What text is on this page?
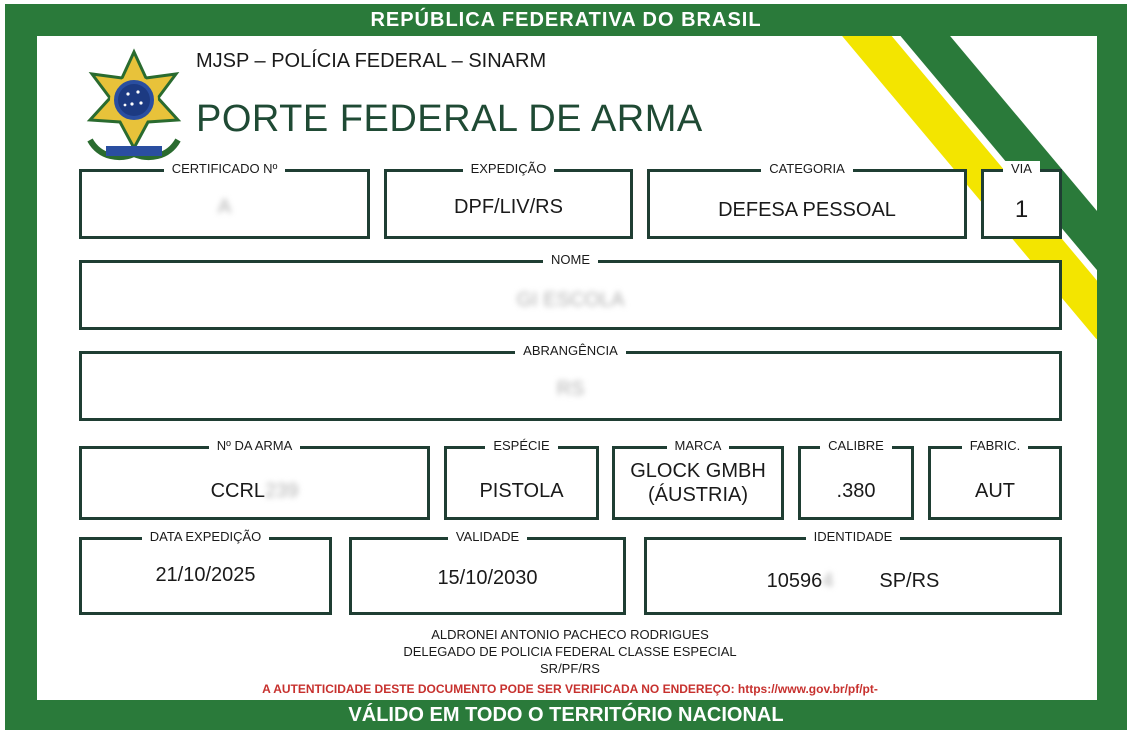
REPÚBLICA FEDERATIVA DO BRASIL
MJSP – POLÍCIA FEDERAL – SINARM
PORTE FEDERAL DE ARMA
CERTIFICADO Nº
A
EXPEDIÇÃO
DPF/LIV/RS
CATEGORIA
DEFESA PESSOAL
VIA
1
NOME
GI ESCOLA
ABRANGÊNCIA
RS
Nº DA ARMA
CCRL239
ESPÉCIE
PISTOLA
MARCA
GLOCK GMBH
(ÁUSTRIA)
CALIBRE
.380
FABRIC.
AUT
DATA EXPEDIÇÃO
21/10/2025
VALIDADE
15/10/2030
IDENTIDADE
105964 SP/RS
ALDRONEI ANTONIO PACHECO RODRIGUES
DELEGADO DE POLICIA FEDERAL CLASSE ESPECIAL
SR/PF/RS
A AUTENTICIDADE DESTE DOCUMENTO PODE SER VERIFICADA NO ENDEREÇO: https://www.gov.br/pf/pt-
VÁLIDO EM TODO O TERRITÓRIO NACIONAL
